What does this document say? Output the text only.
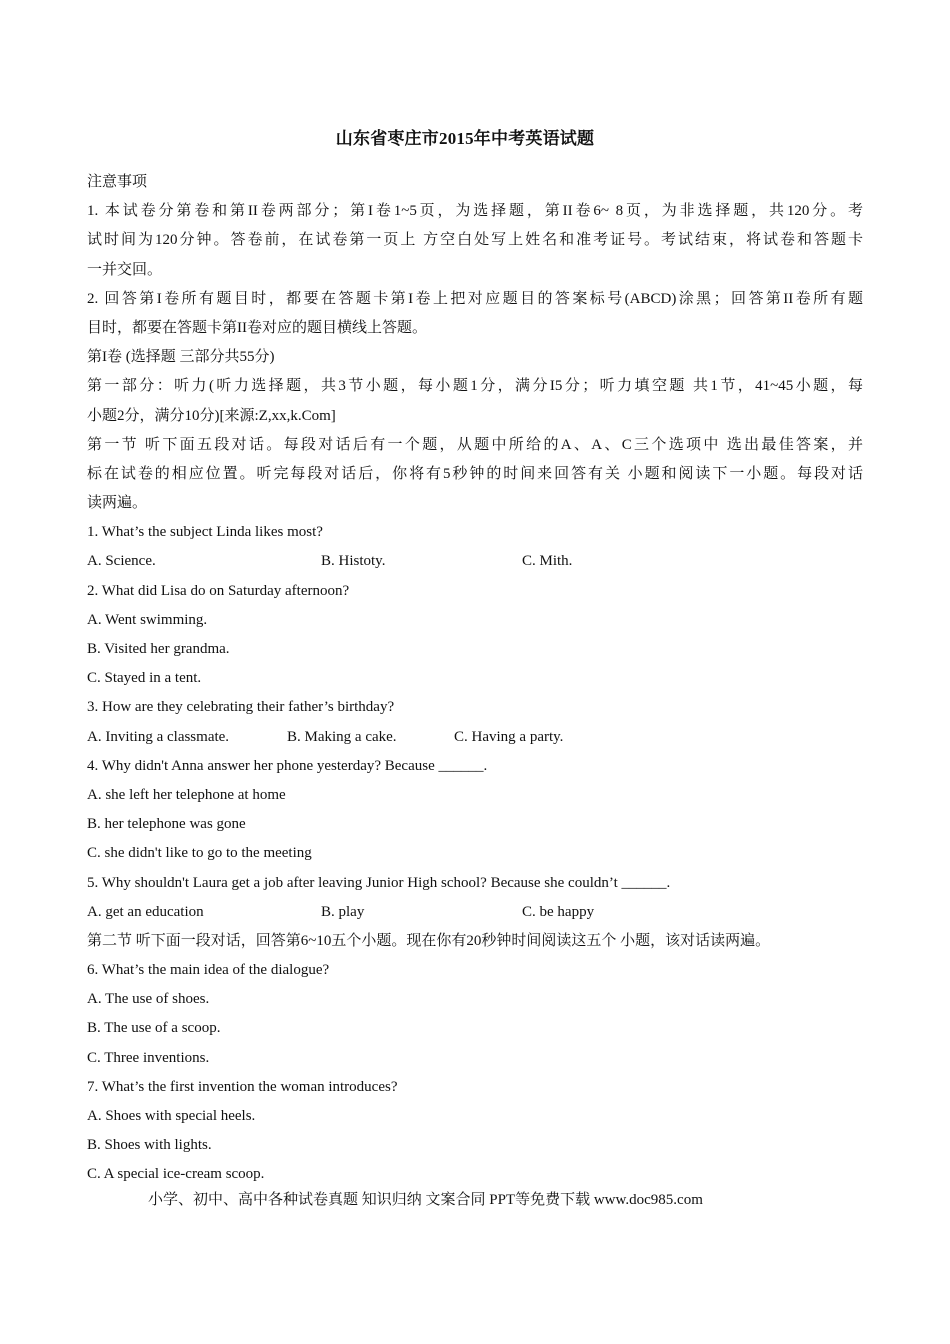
山东省枣庄市2015年中考英语试题
注意事项
1. 本试卷分第卷和第II卷两部分；第I卷1~5页，为选择题，第II卷6~ 8页，为非选择题，共120分。考
试时间为120分钟。答卷前，在试卷第一页上 方空白处写上姓名和准考证号。考试结束，将试卷和答题卡
一并交回。
2. 回答第I卷所有题目时，都要在答题卡第I卷上把对应题目的答案标号(ABCD)涂黑；回答第II卷所有题
目时，都要在答题卡第II卷对应的题目横线上答题。
第I卷 (选择题 三部分共55分)
第一部分：听力(听力选择题，共3节小题，每小题1分，满分I5分；听力填空题 共1节，41~45小题，每
小题2分，满分10分)[来源:Z,xx,k.Com]
第一节 听下面五段对话。每段对话后有一个题，从题中所给的A、A、C三个选项中 选出最佳答案，并
标在试卷的相应位置。听完每段对话后，你将有5秒钟的时间来回答有关 小题和阅读下一小题。每段对话
读两遍。
1. What’s the subject Linda likes most?
A. Science.	B. Histoty.	C. Mith.
2. What did Lisa do on Saturday afternoon?
A. Went swimming.
B. Visited her grandma.
C. Stayed in a tent.
3. How are they celebrating their father’s birthday?
A. Inviting a classmate.	B. Making a cake.	C. Having a party.
4. Why didn't Anna answer her phone yesterday? Because ______.
A. she left her telephone at home
B. her telephone was gone
C. she didn't like to go to the meeting
5. Why shouldn't Laura get a job after leaving Junior High school? Because she couldn’t ______.
A. get an education	B. play	C. be happy
第二节 听下面一段对话，回答第6~10五个小题。现在你有20秒钟时间阅读这五个 小题，该对话读两遍。
6. What’s the main idea of the dialogue?
A. The use of shoes.
B. The use of a scoop.
C. Three inventions.
7. What’s the first invention the woman introduces?
A. Shoes with special heels.
B. Shoes with lights.
C. A special ice-cream scoop.
小学、初中、高中各种试卷真题 知识归纳 文案合同 PPT等免费下载 www.doc985.com
